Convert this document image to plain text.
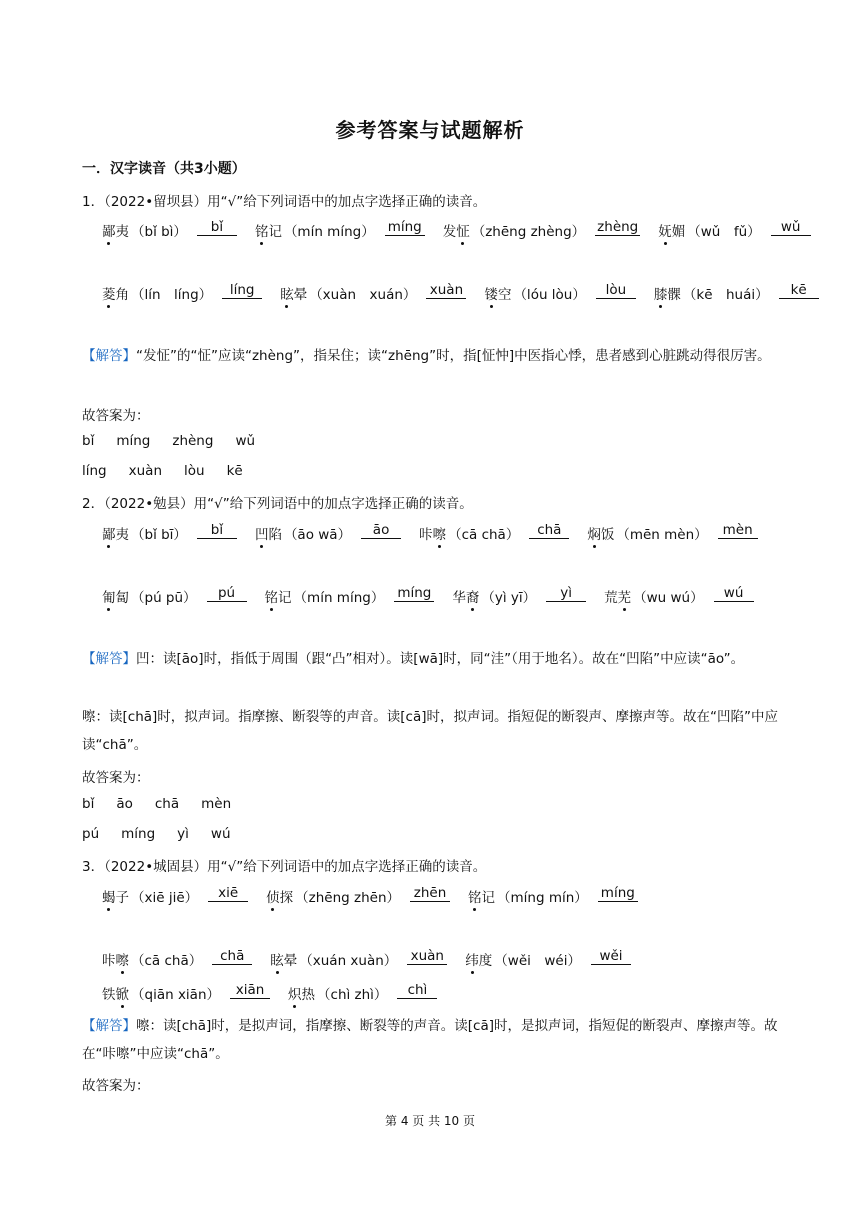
参考答案与试题解析
一．汉字读音（共3小题）
1．（2022•留坝县）用“√”给下列词语中的加点字选择正确的读音。
鄙夷 （bǐ bì）	bǐ	铭记 （mín míng） míng 发怔 （zhēng zhèng） zhèng 妩媚 （wǔ　fǔ）	wǔ
菱角 （lín　líng）	líng	眩晕 （xuàn　xuán） xuàn 镂空 （lóu lòu）	lòu	膝髁 （kē　huái）	kē
【解答】“发怔”的“怔”应读“zhèng”，指呆住；读“zhēng”时，指[怔忡]中医指心悸，患者感到心脏跳动得很厉害。
故答案为：
bǐ míng zhèng wǔ
líng xuàn lòu kē
2．（2022•勉县）用“√”给下列词语中的加点字选择正确的读音。
鄙夷 （bǐ bī）	bǐ	凹陷 （āo wā）	āo	咔嚓 （cā chā）	chā	焖饭 （mēn mèn）	mèn
匍匐 （pú pū）	pú	铭记 （mín míng） míng 华裔 （yì yī）	yì	荒芜 （wu wú）	wú
【解答】凹：读[āo]时，指低于周围（跟“凸”相对）。读[wā]时，同“洼”（用于地名）。故在“凹陷”中应读“āo”。
嚓：读[chā]时，拟声词。指摩擦、断裂等的声音。读[cā]时，拟声词。指短促的断裂声、摩擦声等。故在“凹陷”中应读“chā”。
故答案为：
bǐ āo chā mèn
pú míng yì wú
3．（2022•城固县）用“√”给下列词语中的加点字选择正确的读音。
蝎子 （xiē jiē）	xiē	侦探 （zhēng zhēn） zhēn 铭记 （míng mín） míng
咔嚓 （cā chā）	chā	眩晕 （xuán xuàn） xuàn 纬度 （wěi　wéi）	wěi
铁锨 （qiān xiān）	xiān	炽热 （chì zhì）	chì
【解答】嚓：读[chā]时，是拟声词，指摩擦、断裂等的声音。读[cā]时，是拟声词，指短促的断裂声、摩擦声等。故在“咔嚓”中应读“chā”。
故答案为：
第 4 页 共 10 页
